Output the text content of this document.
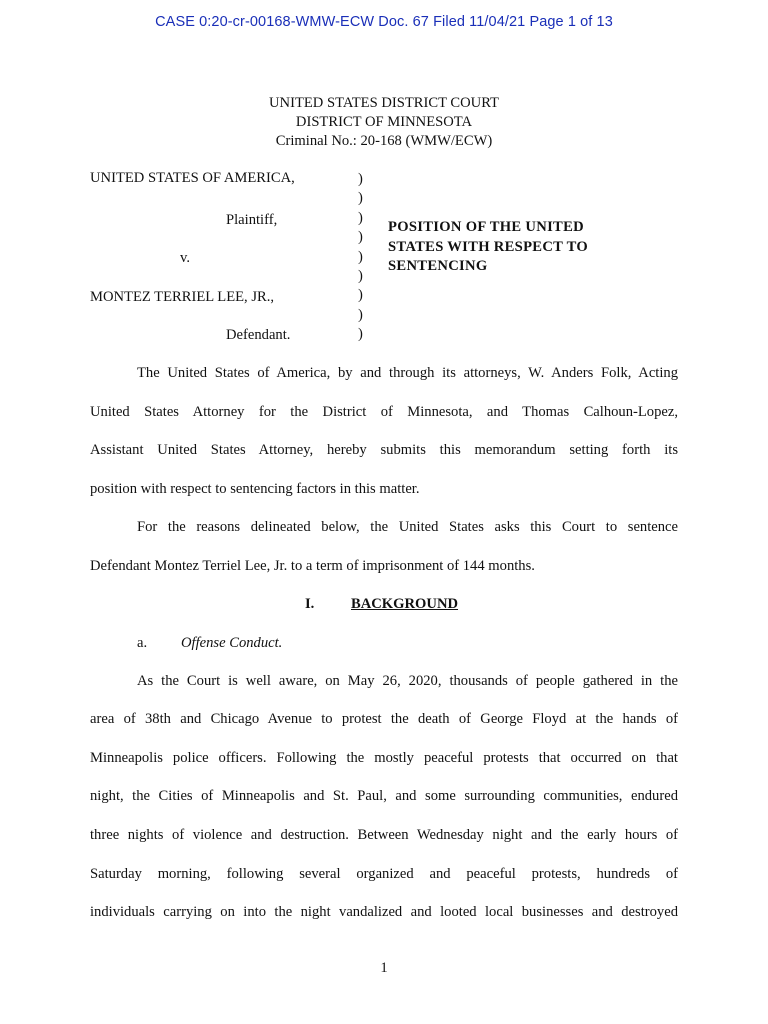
CASE 0:20-cr-00168-WMW-ECW Doc. 67 Filed 11/04/21 Page 1 of 13
UNITED STATES DISTRICT COURT
DISTRICT OF MINNESOTA
Criminal No.: 20-168 (WMW/ECW)
UNITED STATES OF AMERICA,
Plaintiff,
v.
MONTEZ TERRIEL LEE, JR.,
Defendant.
)
)
)
)
)
)
)
)
)
POSITION OF THE UNITED
STATES WITH RESPECT TO
SENTENCING
The United States of America, by and through its attorneys, W. Anders Folk, Acting
United States Attorney for the District of Minnesota, and Thomas Calhoun-Lopez,
Assistant United States Attorney, hereby submits this memorandum setting forth its
position with respect to sentencing factors in this matter.
For the reasons delineated below, the United States asks this Court to sentence
Defendant Montez Terriel Lee, Jr. to a term of imprisonment of 144 months.
I.	BACKGROUND
a. Offense Conduct.
As the Court is well aware, on May 26, 2020, thousands of people gathered in the
area of 38th and Chicago Avenue to protest the death of George Floyd at the hands of
Minneapolis police officers. Following the mostly peaceful protests that occurred on that
night, the Cities of Minneapolis and St. Paul, and some surrounding communities, endured
three nights of violence and destruction. Between Wednesday night and the early hours of
Saturday morning, following several organized and peaceful protests, hundreds of
individuals carrying on into the night vandalized and looted local businesses and destroyed
1
